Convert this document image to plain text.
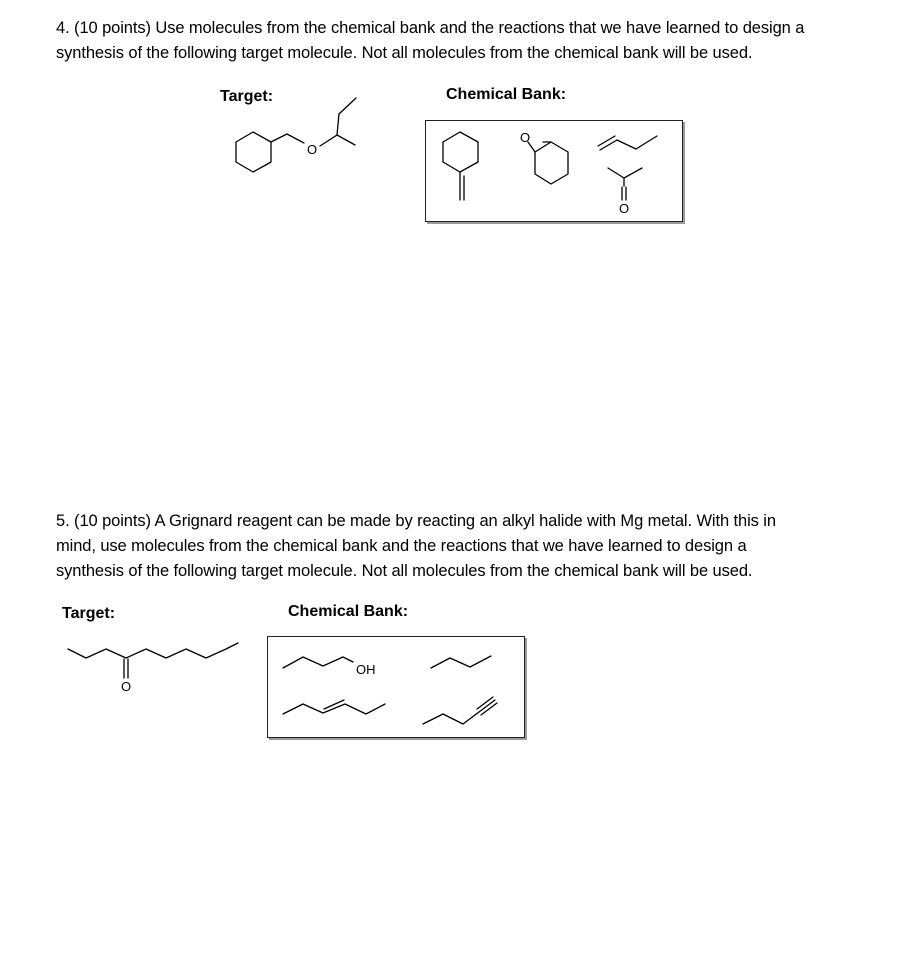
4. (10 points) Use molecules from the chemical bank and the reactions that we have learned to design a
synthesis of the following target molecule. Not all molecules from the chemical bank will be used.
Target:	Chemical Bank:
O
O
O
5. (10 points) A Grignard reagent can be made by reacting an alkyl halide with Mg metal. With this in
mind, use molecules from the chemical bank and the reactions that we have learned to design a
synthesis of the following target molecule. Not all molecules from the chemical bank will be used.
Target:	Chemical Bank:
O
OH
